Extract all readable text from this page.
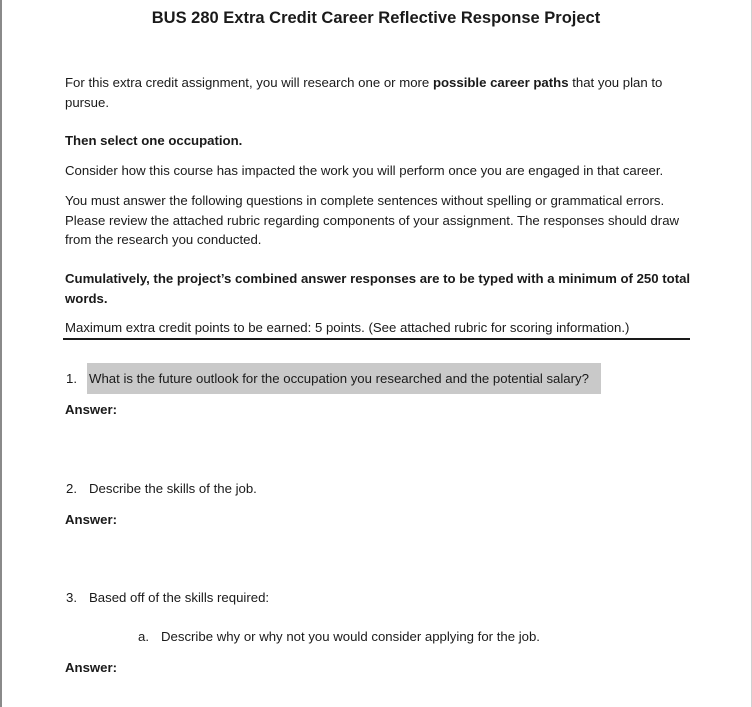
BUS 280 Extra Credit Career Reflective Response Project
For this extra credit assignment, you will research one or more possible career paths that you plan to pursue.
Then select one occupation.
Consider how this course has impacted the work you will perform once you are engaged in that career.
You must answer the following questions in complete sentences without spelling or grammatical errors. Please review the attached rubric regarding components of your assignment. The responses should draw from the research you conducted.
Cumulatively, the project’s combined answer responses are to be typed with a minimum of 250 total words.
Maximum extra credit points to be earned: 5 points. (See attached rubric for scoring information.)
1. What is the future outlook for the occupation you researched and the potential salary?
Answer:
2. Describe the skills of the job.
Answer:
3. Based off of the skills required:
a. Describe why or why not you would consider applying for the job.
Answer:
